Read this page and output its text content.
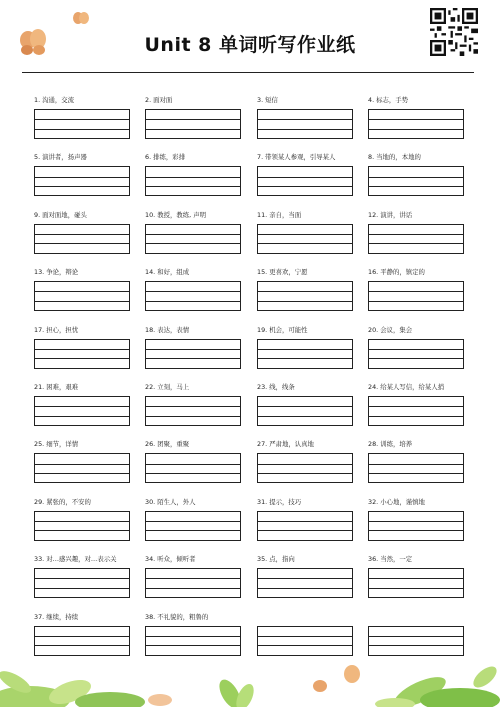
Unit 8 单词听写作业纸
1. 沟通，交流	2. 面对面	3. 短信	4. 标志，手势
5. 演讲者，扬声器	6. 排练，彩排	7. 带领某人参观，引导某人	8. 当地的，本地的
9. 面对面地，碰头	10. 教授，教练, 声明	11. 亲自，当面	12. 演讲，讲话
13. 争论，辩论	14. 和好，组成	15. 更喜欢，宁愿	16. 平静的，镇定的
17. 担心，担忧	18. 表达，表情	19. 机会，可能性	20. 会议，集会
21. 困难，艰难	22. 立刻，马上	23. 线，线条	24. 给某人写信，给某人捎
25. 细节，详情	26. 团聚，重聚	27. 严肃地，认真地	28. 训练，培养
29. 紧张的，不安的	30. 陌生人，外人	31. 提示，技巧	32. 小心地，谨慎地
33. 对…感兴趣，对…表示关	34. 听众，倾听者	35. 点，指向	36. 当然，一定
37. 继续，持续	38. 不礼貌的，粗鲁的
